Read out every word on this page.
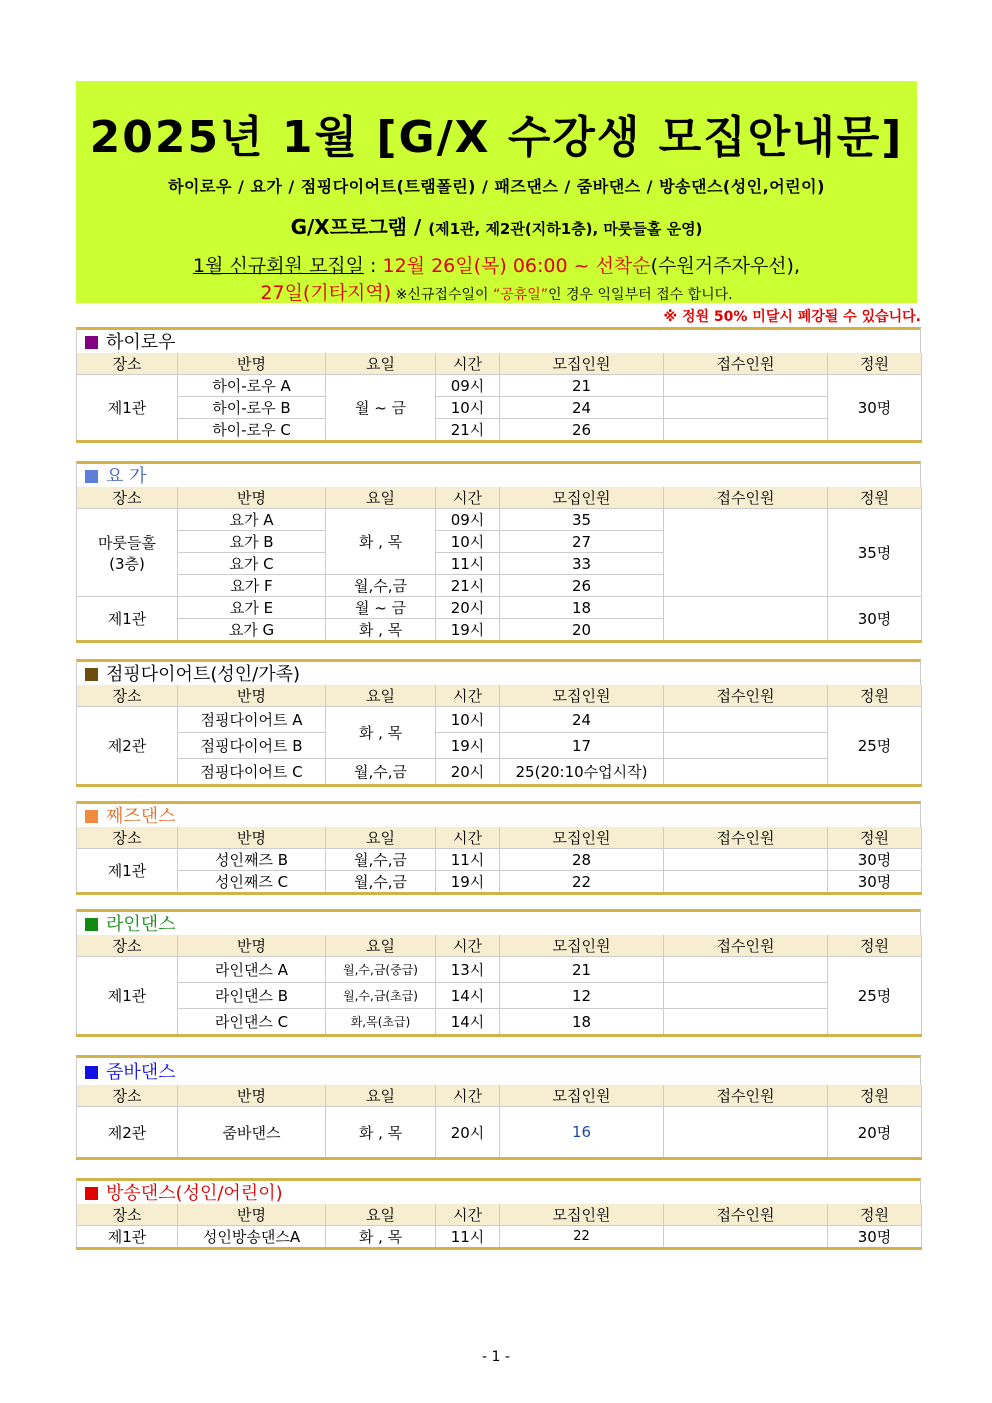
2025년 1월 [G/X 수강생 모집안내문]
하이로우 / 요가 / 점핑다이어트(트램폴린) / 패즈댄스 / 줌바댄스 / 방송댄스(성인,어린이)
G/X프로그램 / (제1관, 제2관(지하1층), 마룻들홀 운영)
1월 신규회원 모집일 : 12월 26일(목) 06:00 ~ 선착순(수원거주자우선),
27일(기타지역) ※신규접수일이 “공휴일”인 경우 익일부터 접수 합니다.
※ 정원 50% 미달시 폐강될 수 있습니다.
하이로우
장소	반명	요일	시간	모집인원	접수인원	정원
제1관	하이-로우 A	월 ~ 금	09시	21		30명
	하이-로우 B		10시	24		
	하이-로우 C		21시	26		
요 가
장소	반명	요일	시간	모집인원	접수인원	정원
마룻들홀
(3층)	요가 A	화 , 목	09시	35		35명
	요가 B		10시	27		
	요가 C		11시	33		
	요가 F	월,수,금	21시	26		
제1관	요가 E	월 ~ 금	20시	18		30명
	요가 G	화 , 목	19시	20		
점핑다이어트(성인/가족)
장소	반명	요일	시간	모집인원	접수인원	정원
제2관	점핑다이어트 A	화 , 목	10시	24		25명
	점핑다이어트 B		19시	17		
	점핑다이어트 C	월,수,금	20시	25(20:10수업시작)		
째즈댄스
장소	반명	요일	시간	모집인원	접수인원	정원
제1관	성인째즈 B	월,수,금	11시	28		30명
	성인째즈 C	월,수,금	19시	22		30명
라인댄스
장소	반명	요일	시간	모집인원	접수인원	정원
제1관	라인댄스 A	월,수,금(중급)	13시	21		25명
	라인댄스 B	월,수,금(초급)	14시	12		
	라인댄스 C	화,목(초급)	14시	18		
줌바댄스
장소	반명	요일	시간	모집인원	접수인원	정원
제2관	줌바댄스	화 , 목	20시	16		20명
방송댄스(성인/어린이)
장소	반명	요일	시간	모집인원	접수인원	정원
제1관	성인방송댄스A	화 , 목	11시	22		30명
- 1 -
